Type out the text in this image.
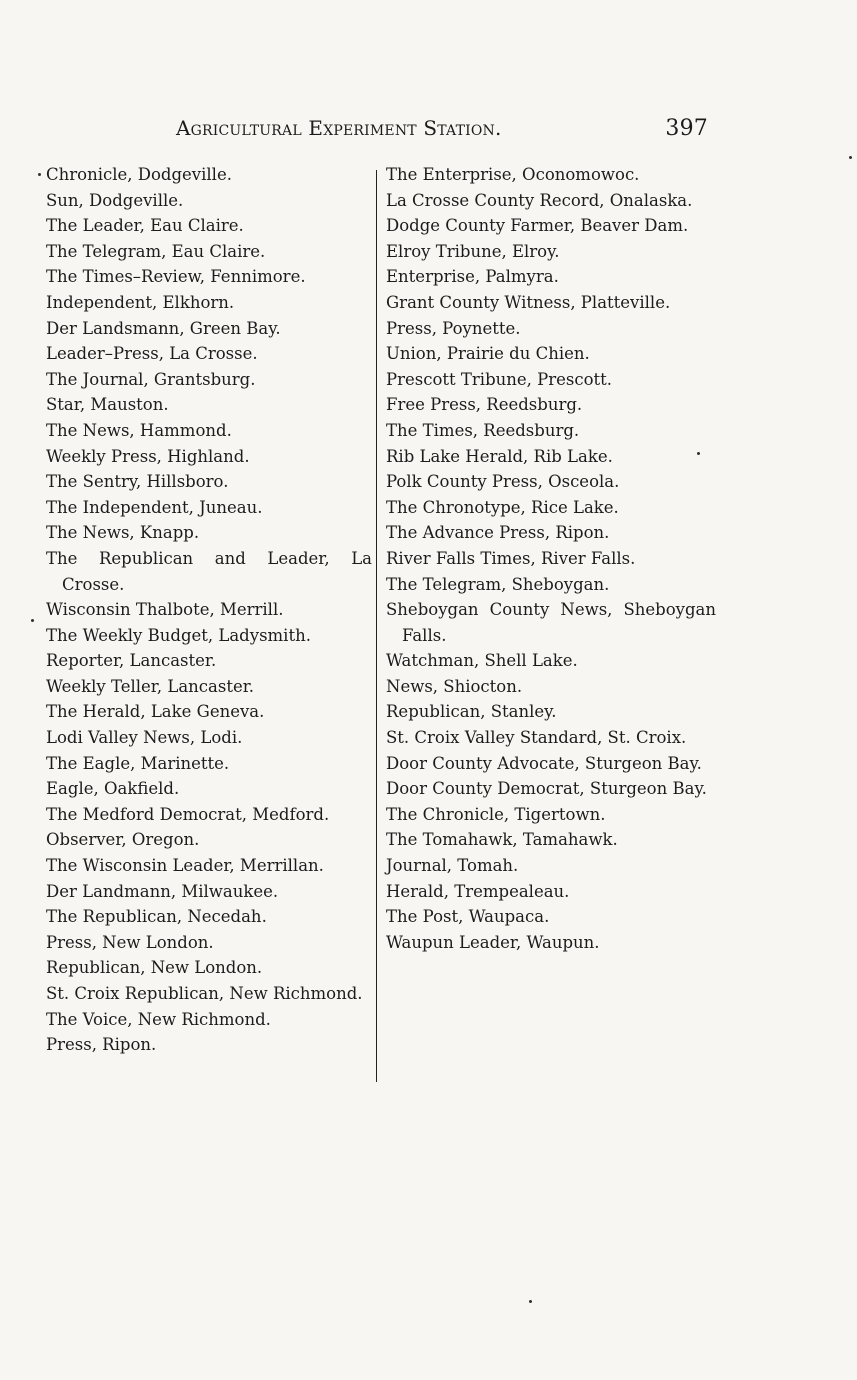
Agricultural Experiment Station.	397
Chronicle, Dodgeville.
Sun, Dodgeville.
The Leader, Eau Claire.
The Telegram, Eau Claire.
The Times–Review, Fennimore.
Independent, Elkhorn.
Der Landsmann, Green Bay.
Leader–Press, La Crosse.
The Journal, Grantsburg.
Star, Mauston.
The News, Hammond.
Weekly Press, Highland.
The Sentry, Hillsboro.
The Independent, Juneau.
The News, Knapp.
The Republican and Leader, La Crosse.
Wisconsin Thalbote, Merrill.
The Weekly Budget, Ladysmith.
Reporter, Lancaster.
Weekly Teller, Lancaster.
The Herald, Lake Geneva.
Lodi Valley News, Lodi.
The Eagle, Marinette.
Eagle, Oakfield.
The Medford Democrat, Medford.
Observer, Oregon.
The Wisconsin Leader, Merrillan.
Der Landmann, Milwaukee.
The Republican, Necedah.
Press, New London.
Republican, New London.
St. Croix Republican, New Richmond.
The Voice, New Richmond.
Press, Ripon.
The Enterprise, Oconomowoc.
La Crosse County Record, Onalaska.
Dodge County Farmer, Beaver Dam.
Elroy Tribune, Elroy.
Enterprise, Palmyra.
Grant County Witness, Platteville.
Press, Poynette.
Union, Prairie du Chien.
Prescott Tribune, Prescott.
Free Press, Reedsburg.
The Times, Reedsburg.
Rib Lake Herald, Rib Lake.
Polk County Press, Osceola.
The Chronotype, Rice Lake.
The Advance Press, Ripon.
River Falls Times, River Falls.
The Telegram, Sheboygan.
Sheboygan County News, Sheboygan Falls.
Watchman, Shell Lake.
News, Shiocton.
Republican, Stanley.
St. Croix Valley Standard, St. Croix.
Door County Advocate, Sturgeon Bay.
Door County Democrat, Sturgeon Bay.
The Chronicle, Tigertown.
The Tomahawk, Tamahawk.
Journal, Tomah.
Herald, Trempealeau.
The Post, Waupaca.
Waupun Leader, Waupun.
